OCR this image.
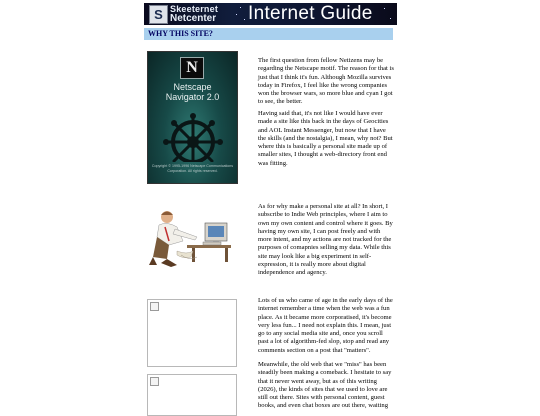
S Skeeternet
Netcenter	Internet Guide
WHY THIS SITE?
N
Netscape
Navigator 2.0
Copyright © 1995-1996 Netscape Communications Corporation. All rights reserved.

The first question from fellow Netizens may be regarding the Netscape motif. The reason for that is just that I think it's fun. Although Mozilla survives today in Firefox, I feel like the wrong companies won the browser wars, so more blue and cyan I got to see, the better.

Having said that, it's not like I would have ever made a site like this back in the days of Geocities and AOL Instant Messenger, but now that I have the skills (and the nostalgia), I mean, why not? But where this is basically a personal site made up of smaller sites, I thought a web-directory front end was fitting.

As for why make a personal site at all? In short, I subscribe to Indie Web principles, where I aim to own my own content and control where it goes. By having my own site, I can post freely and with more intent, and my actions are not tracked for the purposes of comapnies selling my data. While this site may look like a big experiment in self-expression, it is really more about digital independence and agency.

Lots of us who came of age in the early days of the internet remember a time when the web was a fun place. As it became more corporatised, it's become very less fun... I need not explain this. I mean, just go to any social media site and, once you scroll past a lot of algorithm-fed slop, stop and read any comments section on a post that "matters".

Meanwhile, the old web that we "miss" has been steadily been making a comeback. I hesitate to say that it never went away, but as of this writing (2026), the kinds of sites that we used to love are still out there. Sites with personal content, guest books, and even chat boxes are out there, waiting
